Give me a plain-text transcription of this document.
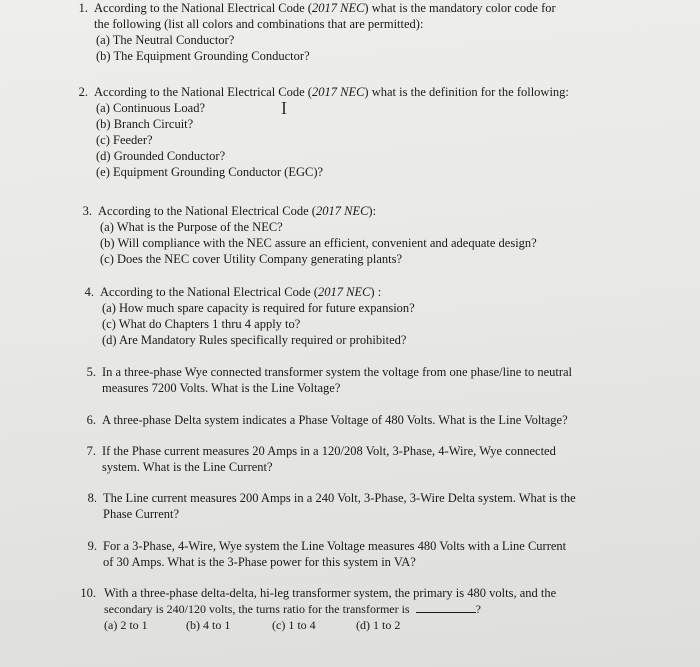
1. According to the National Electrical Code (2017 NEC) what is the mandatory color code for
the following (list all colors and combinations that are permitted):
(a) The Neutral Conductor?
(b) The Equipment Grounding Conductor?
2. According to the National Electrical Code (2017 NEC) what is the definition for the following:
(a) Continuous Load?
(b) Branch Circuit?
(c) Feeder?
(d) Grounded Conductor?
(e) Equipment Grounding Conductor (EGC)?
3. According to the National Electrical Code (2017 NEC):
(a) What is the Purpose of the NEC?
(b) Will compliance with the NEC assure an efficient, convenient and adequate design?
(c) Does the NEC cover Utility Company generating plants?
4. According to the National Electrical Code (2017 NEC) :
(a) How much spare capacity is required for future expansion?
(c) What do Chapters 1 thru 4 apply to?
(d) Are Mandatory Rules specifically required or prohibited?
5. In a three-phase Wye connected transformer system the voltage from one phase/line to neutral
measures 7200 Volts. What is the Line Voltage?
6. A three-phase Delta system indicates a Phase Voltage of 480 Volts. What is the Line Voltage?
7. If the Phase current measures 20 Amps in a 120/208 Volt, 3-Phase, 4-Wire, Wye connected
system. What is the Line Current?
8. The Line current measures 200 Amps in a 240 Volt, 3-Phase, 3-Wire Delta system. What is the
Phase Current?
9. For a 3-Phase, 4-Wire, Wye system the Line Voltage measures 480 Volts with a Line Current
of 30 Amps. What is the 3-Phase power for this system in VA?
10. With a three-phase delta-delta, hi-leg transformer system, the primary is 480 volts, and the
secondary is 240/120 volts, the turns ratio for the transformer is	?
(a) 2 to 1	(b) 4 to 1	(c) 1 to 4	(d) 1 to 2
I
